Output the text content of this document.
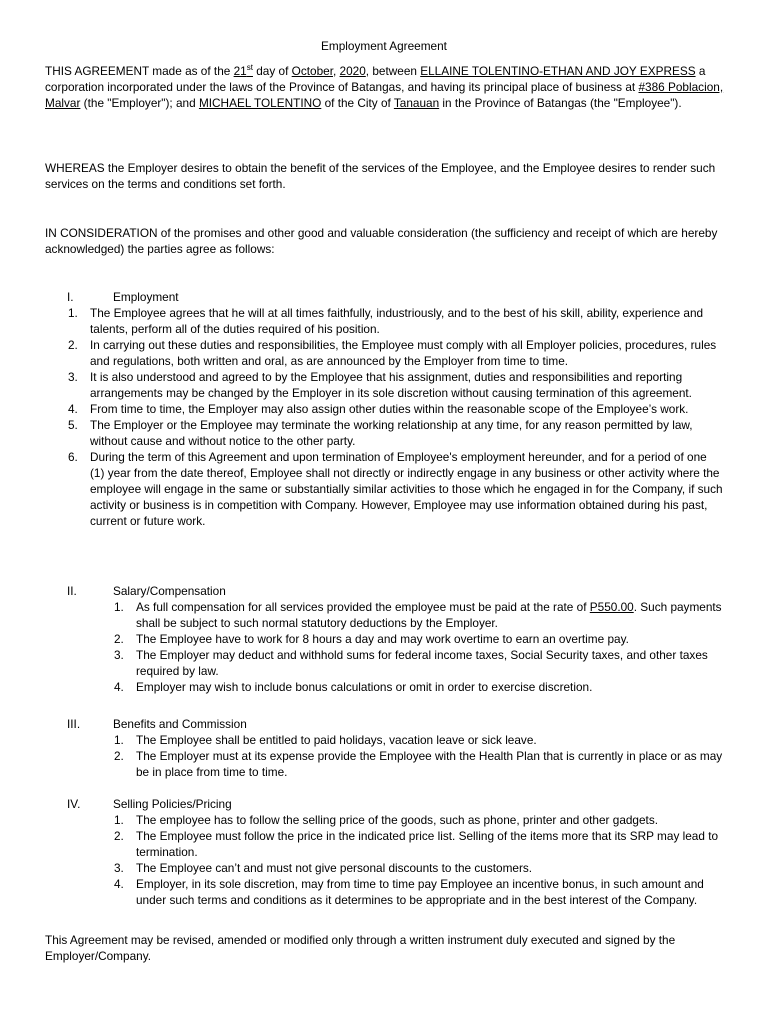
Employment Agreement
THIS AGREEMENT made as of the 21st day of October, 2020, between ELLAINE TOLENTINO-ETHAN AND JOY EXPRESS a corporation incorporated under the laws of the Province of Batangas, and having its principal place of business at #386 Poblacion, Malvar (the "Employer"); and MICHAEL TOLENTINO of the City of Tanauan in the Province of Batangas (the "Employee").
WHEREAS the Employer desires to obtain the benefit of the services of the Employee, and the Employee desires to render such services on the terms and conditions set forth.
IN CONSIDERATION of the promises and other good and valuable consideration (the sufficiency and receipt of which are hereby acknowledged) the parties agree as follows:
I.	Employment
1. The Employee agrees that he will at all times faithfully, industriously, and to the best of his skill, ability, experience and talents, perform all of the duties required of his position.
2. In carrying out these duties and responsibilities, the Employee must comply with all Employer policies, procedures, rules and regulations, both written and oral, as are announced by the Employer from time to time.
3. It is also understood and agreed to by the Employee that his assignment, duties and responsibilities and reporting arrangements may be changed by the Employer in its sole discretion without causing termination of this agreement.
4. From time to time, the Employer may also assign other duties within the reasonable scope of the Employee’s work.
5. The Employer or the Employee may terminate the working relationship at any time, for any reason permitted by law, without cause and without notice to the other party.
6. During the term of this Agreement and upon termination of Employee's employment hereunder, and for a period of one (1) year from the date thereof, Employee shall not directly or indirectly engage in any business or other activity where the employee will engage in the same or substantially similar activities to those which he engaged in for the Company, if such activity or business is in competition with Company. However, Employee may use information obtained during his past, current or future work.
II.	Salary/Compensation
1. As full compensation for all services provided the employee must be paid at the rate of P550.00. Such payments shall be subject to such normal statutory deductions by the Employer.
2. The Employee have to work for 8 hours a day and may work overtime to earn an overtime pay.
3. The Employer may deduct and withhold sums for federal income taxes, Social Security taxes, and other taxes required by law.
4. Employer may wish to include bonus calculations or omit in order to exercise discretion.
III.	Benefits and Commission
1. The Employee shall be entitled to paid holidays, vacation leave or sick leave.
2. The Employer must at its expense provide the Employee with the Health Plan that is currently in place or as may be in place from time to time.
IV.	Selling Policies/Pricing
1. The employee has to follow the selling price of the goods, such as phone, printer and other gadgets.
2. The Employee must follow the price in the indicated price list. Selling of the items more that its SRP may lead to termination.
3. The Employee can’t and must not give personal discounts to the customers.
4. Employer, in its sole discretion, may from time to time pay Employee an incentive bonus, in such amount and under such terms and conditions as it determines to be appropriate and in the best interest of the Company.
This Agreement may be revised, amended or modified only through a written instrument duly executed and signed by the Employer/Company.
